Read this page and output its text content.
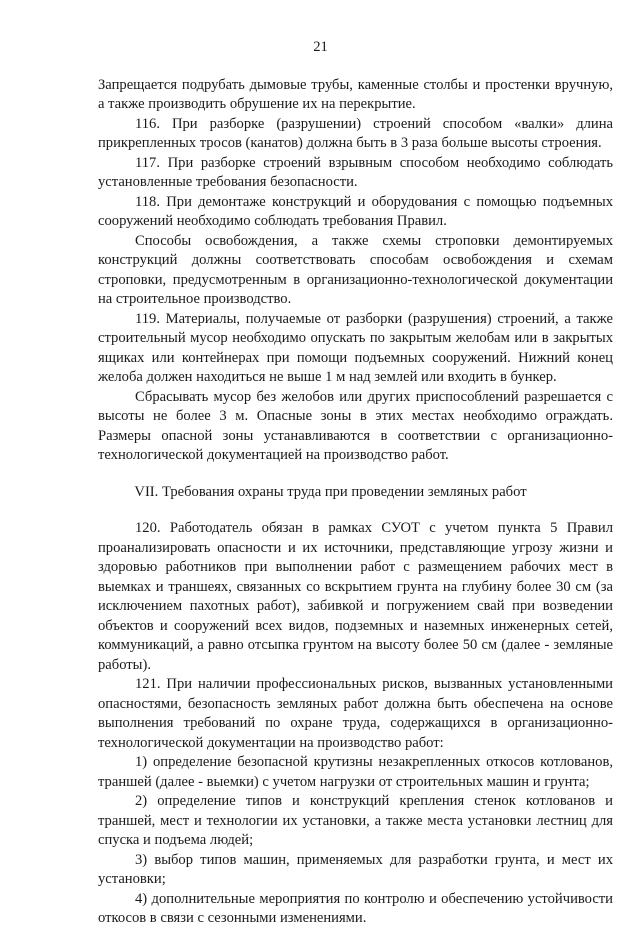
21

Запрещается подрубать дымовые трубы, каменные столбы и простенки вручную, а также производить обрушение их на перекрытие.

116. При разборке (разрушении) строений способом «валки» длина прикрепленных тросов (канатов) должна быть в 3 раза больше высоты строения.

117. При разборке строений взрывным способом необходимо соблюдать установленные требования безопасности.

118. При демонтаже конструкций и оборудования с помощью подъемных сооружений необходимо соблюдать требования Правил.

Способы освобождения, а также схемы строповки демонтируемых конструкций должны соответствовать способам освобождения и схемам строповки, предусмотренным в организационно-технологической документации на строительное производство.

119. Материалы, получаемые от разборки (разрушения) строений, а также строительный мусор необходимо опускать по закрытым желобам или в закрытых ящиках или контейнерах при помощи подъемных сооружений. Нижний конец желоба должен находиться не выше 1 м над землей или входить в бункер.

Сбрасывать мусор без желобов или других приспособлений разрешается с высоты не более 3 м. Опасные зоны в этих местах необходимо ограждать. Размеры опасной зоны устанавливаются в соответствии с организационно-технологической документацией на производство работ.

VII. Требования охраны труда при проведении земляных работ

120. Работодатель обязан в рамках СУОТ с учетом пункта 5 Правил проанализировать опасности и их источники, представляющие угрозу жизни и здоровью работников при выполнении работ с размещением рабочих мест в выемках и траншеях, связанных со вскрытием грунта на глубину более 30 см (за исключением пахотных работ), забивкой и погружением свай при возведении объектов и сооружений всех видов, подземных и наземных инженерных сетей, коммуникаций, а равно отсыпка грунтом на высоту более 50 см (далее - земляные работы).

121. При наличии профессиональных рисков, вызванных установленными опасностями, безопасность земляных работ должна быть обеспечена на основе выполнения требований по охране труда, содержащихся в организационно-технологической документации на производство работ:

1) определение безопасной крутизны незакрепленных откосов котлованов, траншей (далее - выемки) с учетом нагрузки от строительных машин и грунта;

2) определение типов и конструкций крепления стенок котлованов и траншей, мест и технологии их установки, а также места установки лестниц для спуска и подъема людей;

3) выбор типов машин, применяемых для разработки грунта, и мест их установки;

4) дополнительные мероприятия по контролю и обеспечению устойчивости откосов в связи с сезонными изменениями.
